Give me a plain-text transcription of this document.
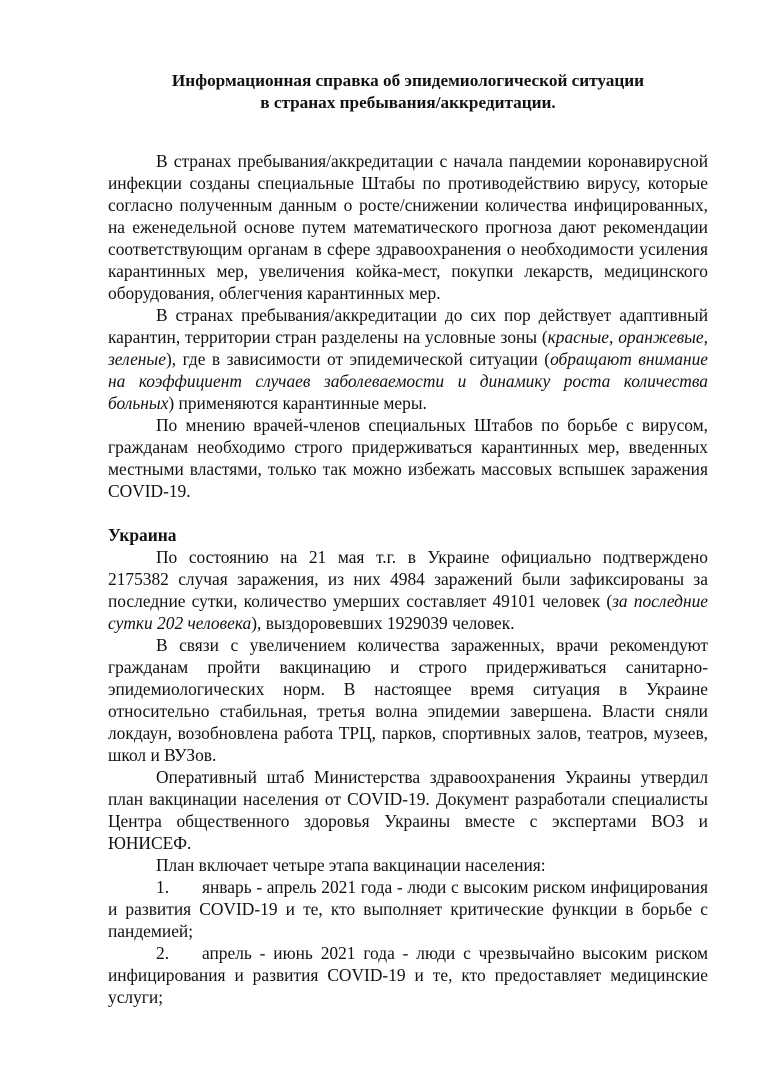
Информационная справка об эпидемиологической ситуации
в странах пребывания/аккредитации.

В странах пребывания/аккредитации с начала пандемии коронавирусной инфекции созданы специальные Штабы по противодействию вирусу, которые согласно полученным данным о росте/снижении количества инфицированных, на еженедельной основе путем математического прогноза дают рекомендации соответствующим органам в сфере здравоохранения о необходимости усиления карантинных мер, увеличения койка-мест, покупки лекарств, медицинского оборудования, облегчения карантинных мер.

В странах пребывания/аккредитации до сих пор действует адаптивный карантин, территории стран разделены на условные зоны (красные, оранжевые, зеленые), где в зависимости от эпидемической ситуации (обращают внимание на коэффициент случаев заболеваемости и динамику роста количества больных) применяются карантинные меры.

По мнению врачей-членов специальных Штабов по борьбе с вирусом, гражданам необходимо строго придерживаться карантинных мер, введенных местными властями, только так можно избежать массовых вспышек заражения COVID-19.

Украина

По состоянию на 21 мая т.г. в Украине официально подтверждено 2175382 случая заражения, из них 4984 заражений были зафиксированы за последние сутки, количество умерших составляет 49101 человек (за последние сутки 202 человека), выздоровевших 1929039 человек.

В связи с увеличением количества зараженных, врачи рекомендуют гражданам пройти вакцинацию и строго придерживаться санитарно-эпидемиологических норм. В настоящее время ситуация в Украине относительно стабильная, третья волна эпидемии завершена. Власти сняли локдаун, возобновлена работа ТРЦ, парков, спортивных залов, театров, музеев, школ и ВУЗов.

Оперативный штаб Министерства здравоохранения Украины утвердил план вакцинации населения от COVID-19. Документ разработали специалисты Центра общественного здоровья Украины вместе с экспертами ВОЗ и ЮНИСЕФ.

План включает четыре этапа вакцинации населения:

1. январь - апрель 2021 года - люди с высоким риском инфицирования и развития COVID-19 и те, кто выполняет критические функции в борьбе с пандемией;

2. апрель - июнь 2021 года - люди с чрезвычайно высоким риском инфицирования и развития COVID-19 и те, кто предоставляет медицинские услуги;
